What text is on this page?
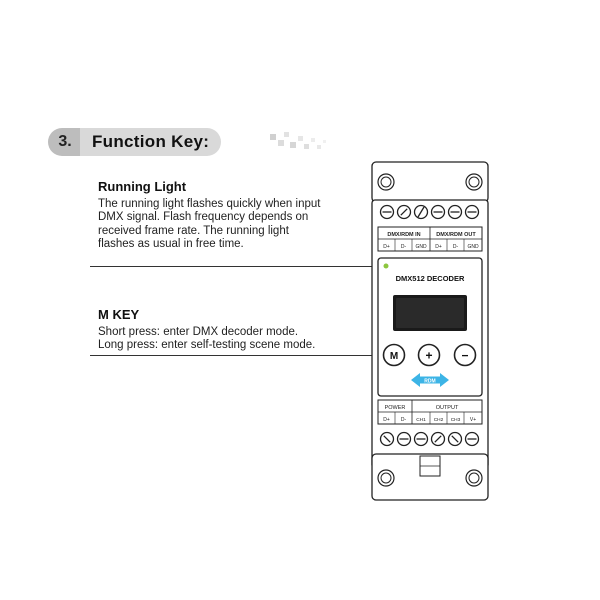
3.	Function Key:
Running Light
The running light flashes quickly when input
DMX signal. Flash frequency depends on
received frame rate. The running light
flashes as usual in free time.
M KEY
Short press: enter DMX decoder mode.
Long press: enter self-testing scene mode.
DMX/RDM IN	DMX/RDM OUT
D+ D- GND D+ D- GND
DMX512 DECODER
M + −
RDM
POWER	OUTPUT
D+ D- CH1 CH2 CH3 V+
